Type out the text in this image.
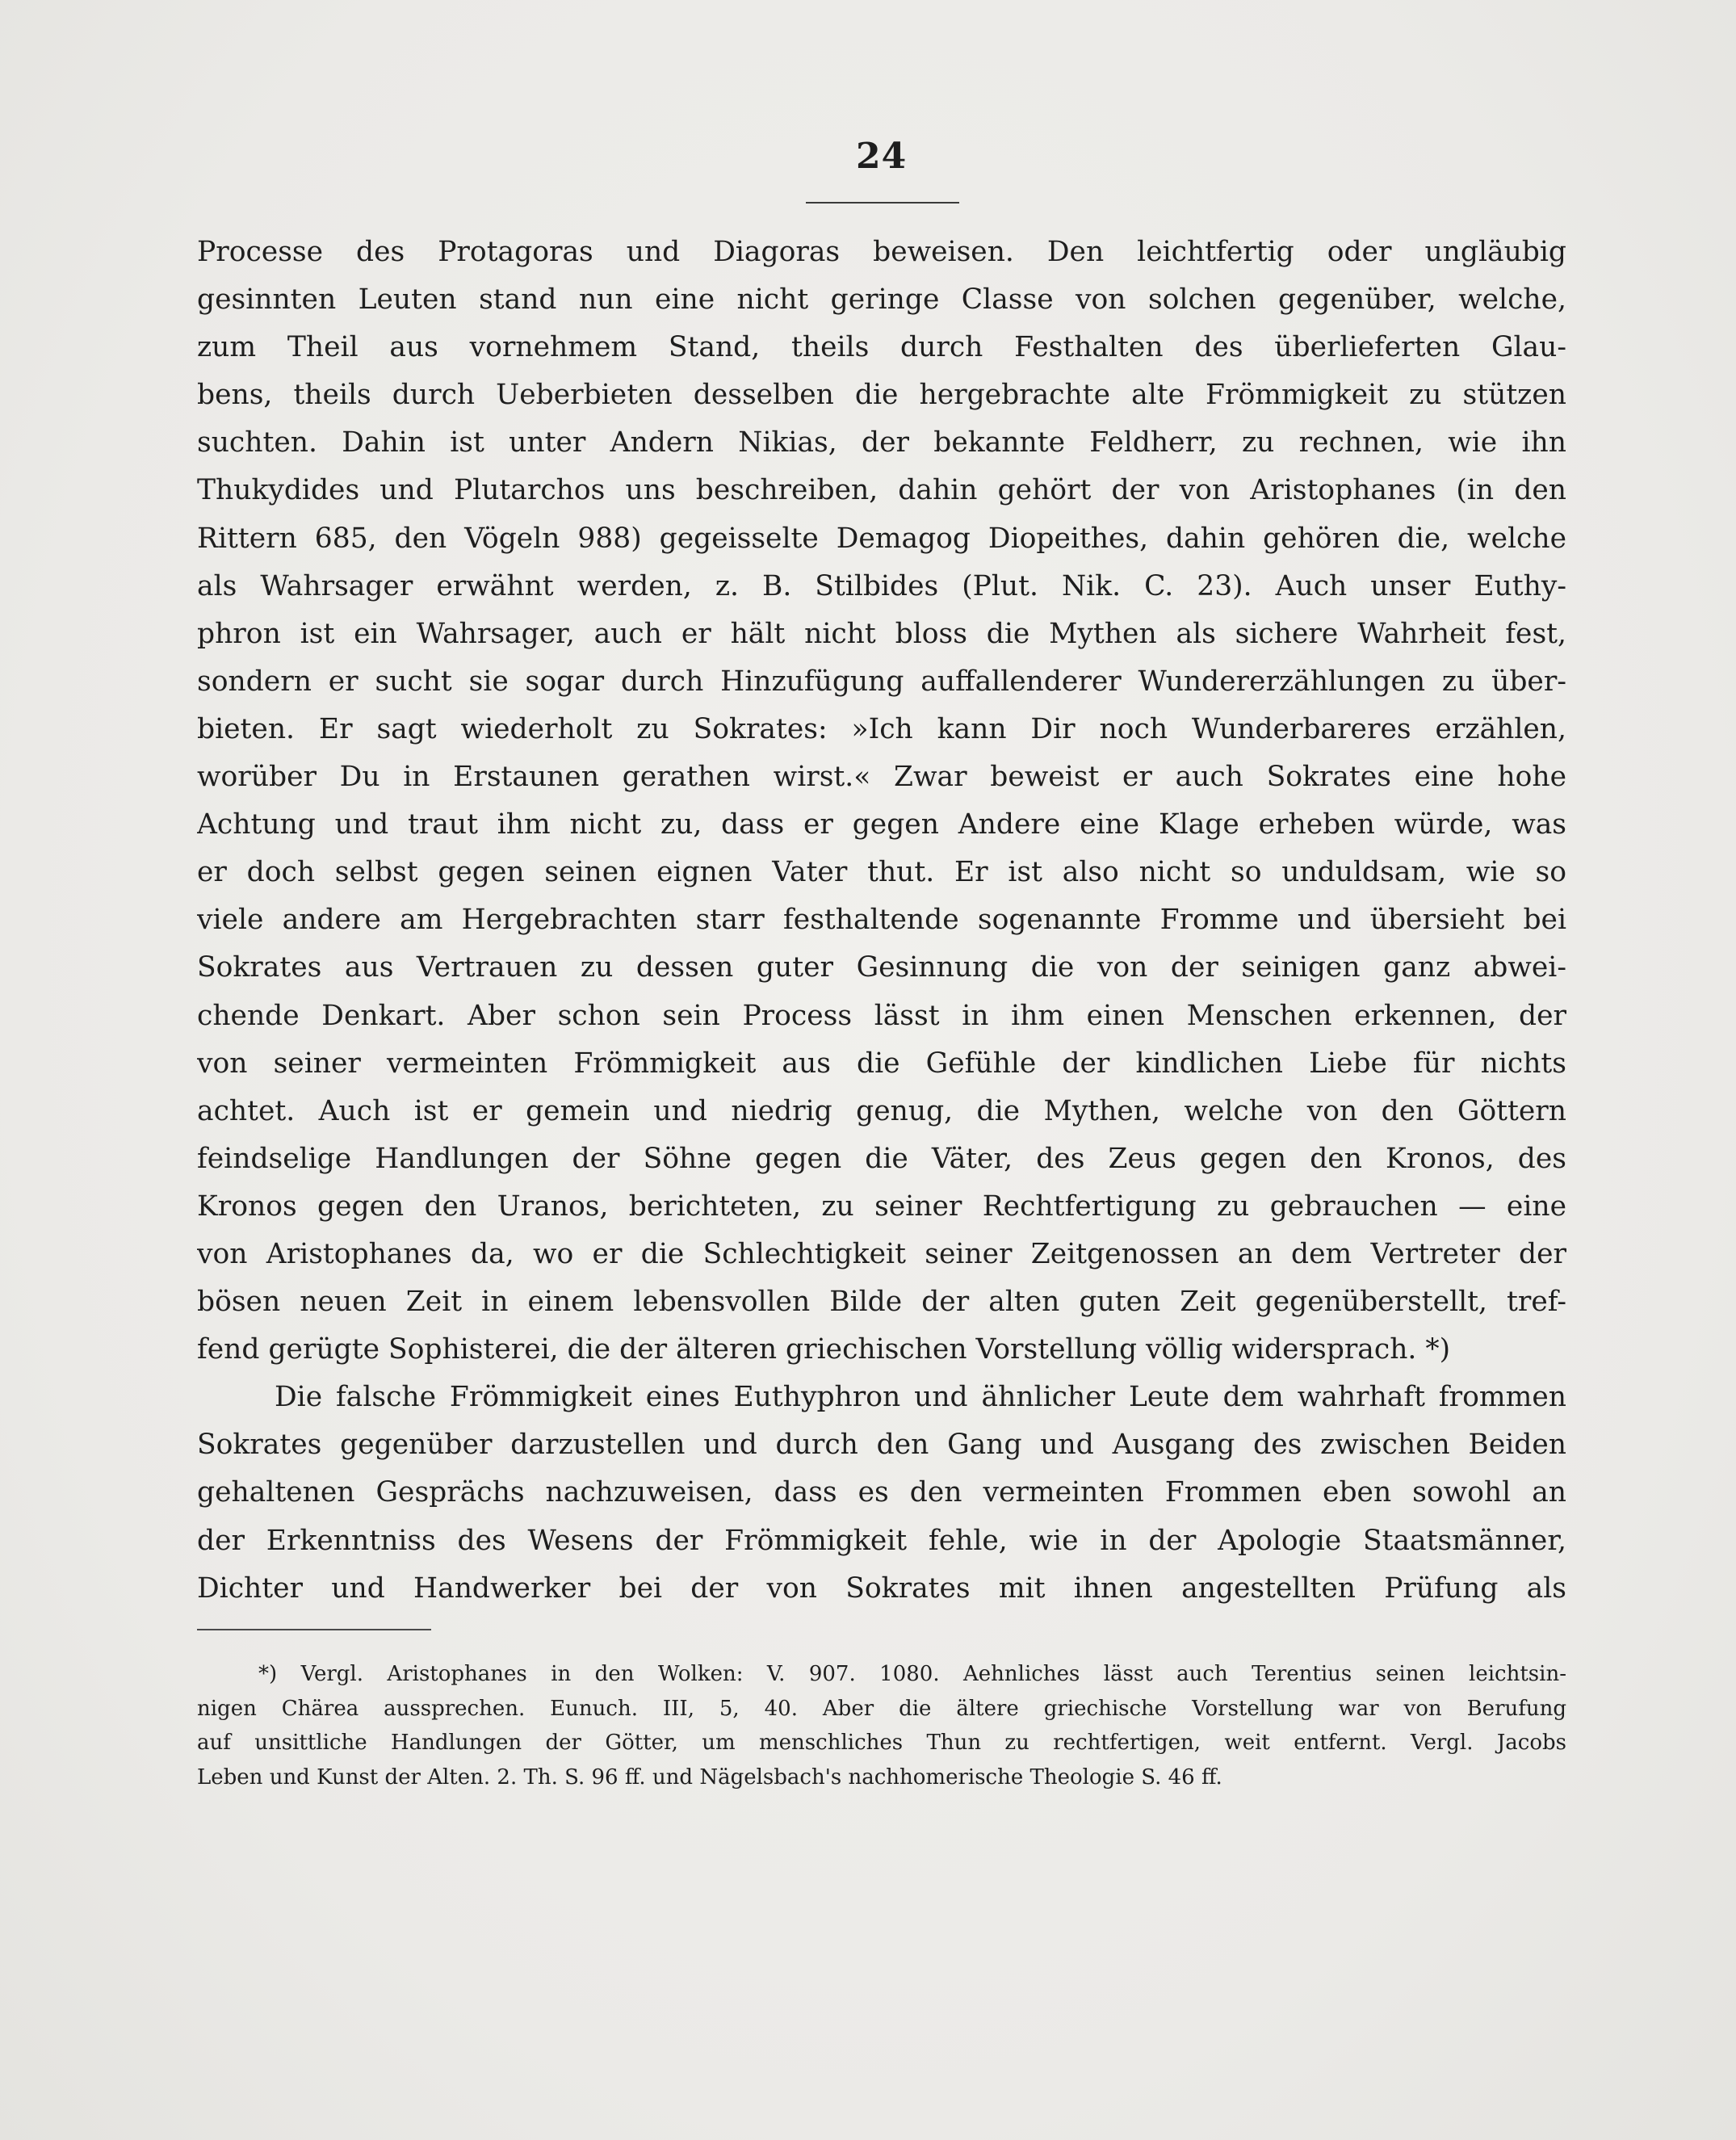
24
Processe des Protagoras und Diagoras beweisen. Den leichtfertig oder ungläubig
gesinnten Leuten stand nun eine nicht geringe Classe von solchen gegenüber, welche,
zum Theil aus vornehmem Stand, theils durch Festhalten des überlieferten Glau-
bens, theils durch Ueberbieten desselben die hergebrachte alte Frömmigkeit zu stützen
suchten. Dahin ist unter Andern Nikias, der bekannte Feldherr, zu rechnen, wie ihn
Thukydides und Plutarchos uns beschreiben, dahin gehört der von Aristophanes (in den
Rittern 685, den Vögeln 988) gegeisselte Demagog Diopeithes, dahin gehören die, welche
als Wahrsager erwähnt werden, z. B. Stilbides (Plut. Nik. C. 23). Auch unser Euthy-
phron ist ein Wahrsager, auch er hält nicht bloss die Mythen als sichere Wahrheit fest,
sondern er sucht sie sogar durch Hinzufügung auffallenderer Wundererzählungen zu über-
bieten. Er sagt wiederholt zu Sokrates: »Ich kann Dir noch Wunderbareres erzählen,
worüber Du in Erstaunen gerathen wirst.« Zwar beweist er auch Sokrates eine hohe
Achtung und traut ihm nicht zu, dass er gegen Andere eine Klage erheben würde, was
er doch selbst gegen seinen eignen Vater thut. Er ist also nicht so unduldsam, wie so
viele andere am Hergebrachten starr festhaltende sogenannte Fromme und übersieht bei
Sokrates aus Vertrauen zu dessen guter Gesinnung die von der seinigen ganz abwei-
chende Denkart. Aber schon sein Process lässt in ihm einen Menschen erkennen, der
von seiner vermeinten Frömmigkeit aus die Gefühle der kindlichen Liebe für nichts
achtet. Auch ist er gemein und niedrig genug, die Mythen, welche von den Göttern
feindselige Handlungen der Söhne gegen die Väter, des Zeus gegen den Kronos, des
Kronos gegen den Uranos, berichteten, zu seiner Rechtfertigung zu gebrauchen — eine
von Aristophanes da, wo er die Schlechtigkeit seiner Zeitgenossen an dem Vertreter der
bösen neuen Zeit in einem lebensvollen Bilde der alten guten Zeit gegenüberstellt, tref-
fend gerügte Sophisterei, die der älteren griechischen Vorstellung völlig widersprach. *)
Die falsche Frömmigkeit eines Euthyphron und ähnlicher Leute dem wahrhaft frommen
Sokrates gegenüber darzustellen und durch den Gang und Ausgang des zwischen Beiden
gehaltenen Gesprächs nachzuweisen, dass es den vermeinten Frommen eben sowohl an
der Erkenntniss des Wesens der Frömmigkeit fehle, wie in der Apologie Staatsmänner,
Dichter und Handwerker bei der von Sokrates mit ihnen angestellten Prüfung als
*) Vergl. Aristophanes in den Wolken: V. 907. 1080. Aehnliches lässt auch Terentius seinen leichtsin-
nigen Chärea aussprechen. Eunuch. III, 5, 40. Aber die ältere griechische Vorstellung war von Berufung
auf unsittliche Handlungen der Götter, um menschliches Thun zu rechtfertigen, weit entfernt. Vergl. Jacobs
Leben und Kunst der Alten. 2. Th. S. 96 ff. und Nägelsbach's nachhomerische Theologie S. 46 ff.
